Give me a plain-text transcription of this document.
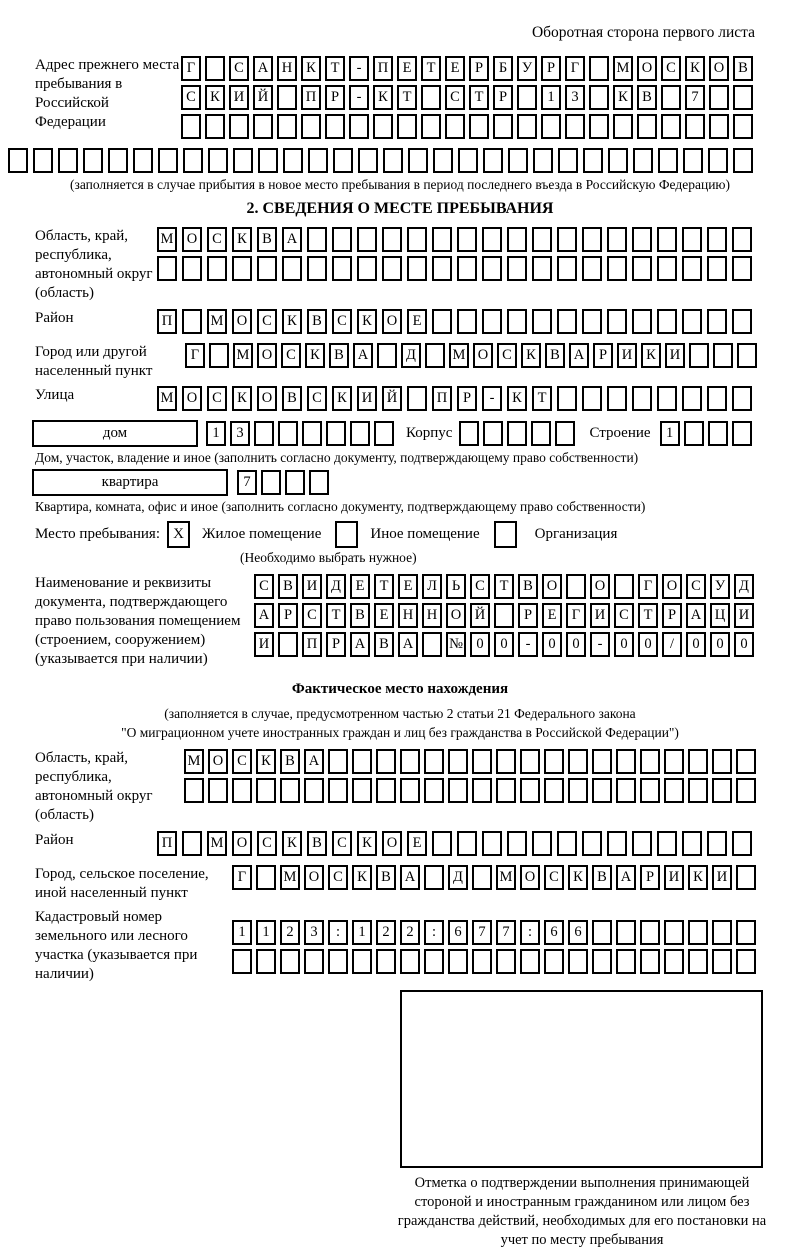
Оборотная сторона первого листа
Адрес прежнего места пребывания в Российской Федерации
Г	С А Н К	Т	-	П Е	Т	Е	Р	Б	У	Р	Г	М О С К О В
С К И Й	П	Р	-	К	Т	С	Т	Р	1	3	К В	7
(заполняется в случае прибытия в новое место пребывания в период последнего въезда в Российскую Федерацию)
2. СВЕДЕНИЯ О МЕСТЕ ПРЕБЫВАНИЯ
Область, край, республика, автономный округ (область)
М О	С	К	В	А
Район	П	М О	С	К	В	С	К	О	Е
Город или другой населенный пункт
Г	М О С К В А	Д	М О С К В А	Р	И К И
Улица	М О	С	К	О	В	С	К	И	Й	П	Р	-	К	Т
дом	1	3	Корпус	Строение	1
Дом, участок, владение и иное (заполнить согласно документу, подтверждающему право собственности)
квартира	7
Квартира, комната, офис и иное (заполнить согласно документу, подтверждающему право собственности)
Место пребывания: X	Жилое помещение	Иное помещение	Организация
(Необходимо выбрать нужное)
Наименование и реквизиты документа, подтверждающего право пользования помещением (строением, сооружением) (указывается при наличии)
С В И Д	Е	Т	Е	Л	Ь	С	Т	В О	О	Г	О С У Д
А	Р	С	Т	В	Е Н Н О Й	Р	Е	Г	И С	Т	Р	А Ц И
И	П	Р	А В А	№ 0	0	-	0	0	-	0	0	/	0	0	0
Фактическое место нахождения
(заполняется в случае, предусмотренном частью 2 статьи 21 Федерального закона
"О миграционном учете иностранных граждан и лиц без гражданства в Российской Федерации")
Область, край, республика, автономный округ (область)
М О С К В А
Район	П	М О	С	К	В	С	К	О	Е
Город, сельское поселение, иной населенный пункт
Г	М О С К В А	Д	М О С К В А	Р	И К И
Кадастровый номер земельного или лесного участка (указывается при наличии)
1	1	2	3	:	1	2	2	:	6	7	7	:	6	6
Отметка о подтверждении выполнения принимающей стороной и иностранным гражданином или лицом без гражданства действий, необходимых для его постановки на учет по месту пребывания
